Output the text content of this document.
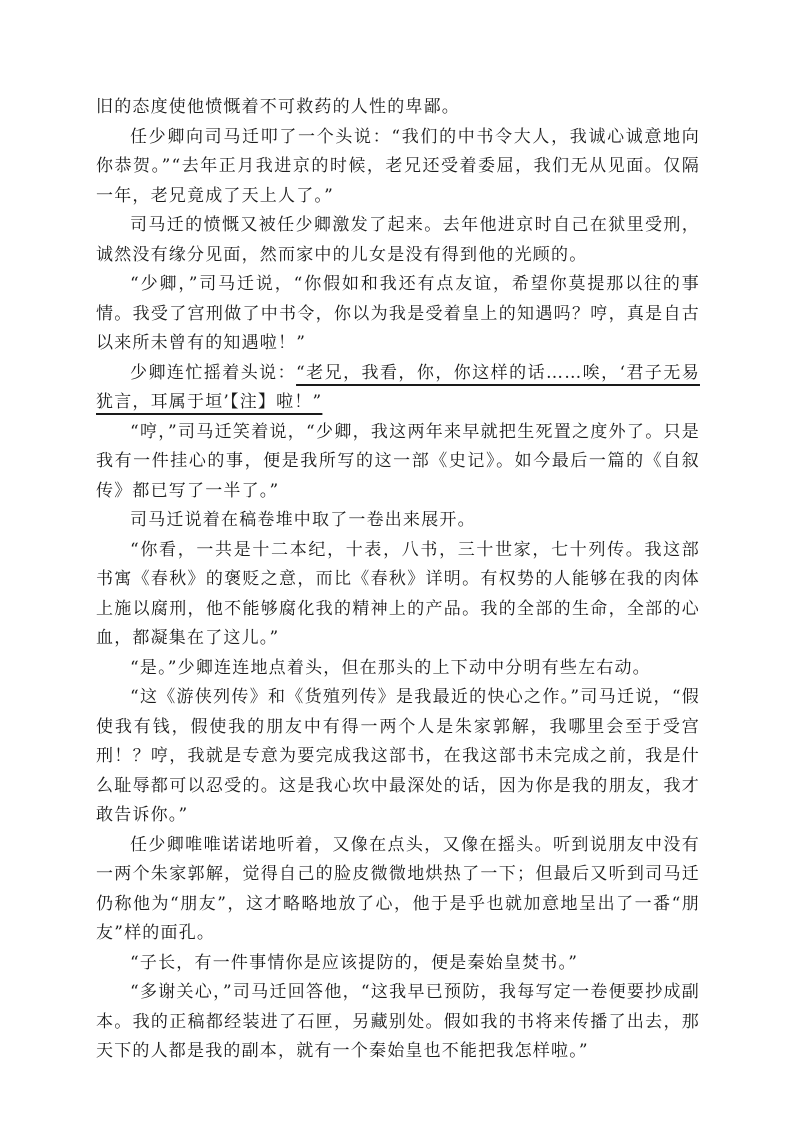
旧的态度使他愤慨着不可救药的人性的卑鄙。

任少卿向司马迁叩了一个头说：“我们的中书令大人，我诚心诚意地向你恭贺。”“去年正月我进京的时候，老兄还受着委屈，我们无从见面。仅隔一年，老兄竟成了天上人了。”

司马迁的愤慨又被任少卿激发了起来。去年他进京时自己在狱里受刑，诚然没有缘分见面，然而家中的儿女是没有得到他的光顾的。

“少卿，”司马迁说，“你假如和我还有点友谊，希望你莫提那以往的事情。我受了宫刑做了中书令，你以为我是受着皇上的知遇吗？哼，真是自古以来所未曾有的知遇啦！”

少卿连忙摇着头说：“老兄，我看，你，你这样的话……唉，‘君子无易犹言，耳属于垣’【注】啦！”

“哼，”司马迁笑着说，“少卿，我这两年来早就把生死置之度外了。只是我有一件挂心的事，便是我所写的这一部《史记》。如今最后一篇的《自叙传》都已写了一半了。”

司马迁说着在稿卷堆中取了一卷出来展开。

“你看，一共是十二本纪，十表，八书，三十世家，七十列传。我这部书寓《春秋》的褒贬之意，而比《春秋》详明。有权势的人能够在我的肉体上施以腐刑，他不能够腐化我的精神上的产品。我的全部的生命，全部的心血，都凝集在了这儿。”

“是。”少卿连连地点着头，但在那头的上下动中分明有些左右动。

“这《游侠列传》和《货殖列传》是我最近的快心之作。”司马迁说，“假使我有钱，假使我的朋友中有得一两个人是朱家郭解，我哪里会至于受宫刑！？哼，我就是专意为要完成我这部书，在我这部书未完成之前，我是什么耻辱都可以忍受的。这是我心坎中最深处的话，因为你是我的朋友，我才敢告诉你。”

任少卿唯唯诺诺地听着，又像在点头，又像在摇头。听到说朋友中没有一两个朱家郭解，觉得自己的脸皮微微地烘热了一下；但最后又听到司马迁仍称他为“朋友”，这才略略地放了心，他于是乎也就加意地呈出了一番“朋友”样的面孔。

“子长，有一件事情你是应该提防的，便是秦始皇焚书。”

“多谢关心，”司马迁回答他，“这我早已预防，我每写定一卷便要抄成副本。我的正稿都经装进了石匣，另藏别处。假如我的书将来传播了出去，那天下的人都是我的副本，就有一个秦始皇也不能把我怎样啦。”
